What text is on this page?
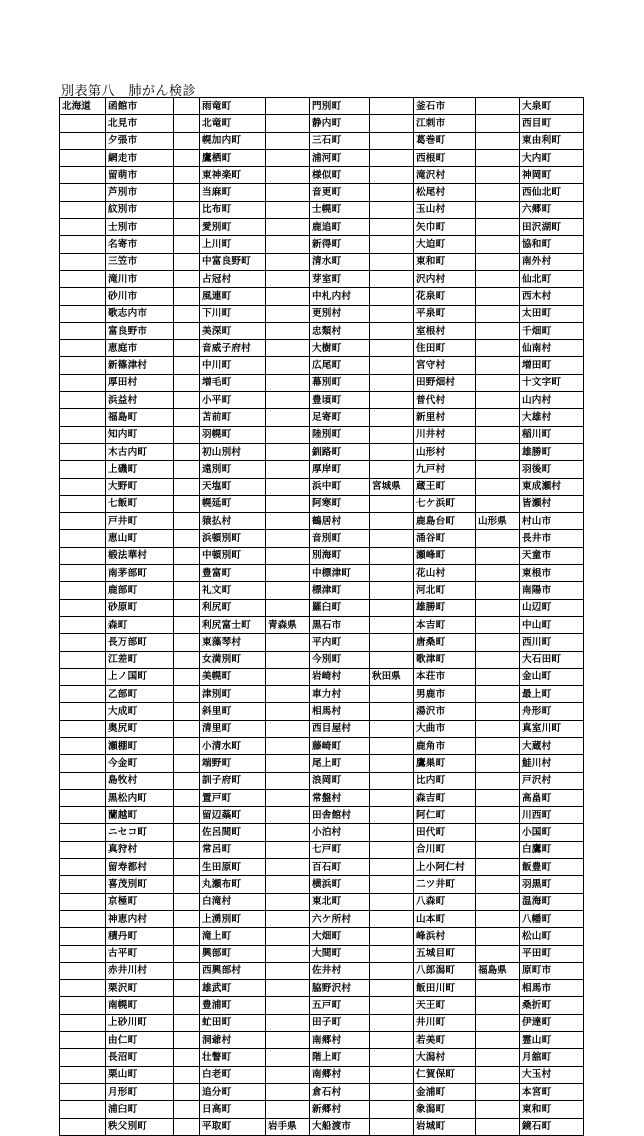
別表第八　肺がん検診
北海道	函館市		雨竜町		門別町		釜石市		大泉町
	北見市		北竜町		静内町		江刺市		西目町
	夕張市		幌加内町		三石町		葛巻町		東由利町
	網走市		鷹栖町		浦河町		西根町		大内町
	留萌市		東神楽町		様似町		滝沢村		神岡町
	芦別市		当麻町		音更町		松尾村		西仙北町
	紋別市		比布町		士幌町		玉山村		六郷町
	士別市		愛別町		鹿追町		矢巾町		田沢湖町
	名寄市		上川町		新得町		大迫町		協和町
	三笠市		中富良野町		清水町		東和町		南外村
	滝川市		占冠村		芽室町		沢内村		仙北町
	砂川市		風連町		中札内村		花泉町		西木村
	歌志内市		下川町		更別村		平泉町		太田町
	富良野市		美深町		忠類村		室根村		千畑町
	恵庭市		音威子府村		大樹町		住田町		仙南村
	新篠津村		中川町		広尾町		宮守村		増田町
	厚田村		増毛町		幕別町		田野畑村		十文字町
	浜益村		小平町		豊頃町		普代村		山内村
	福島町		苫前町		足寄町		新里村		大雄村
	知内町		羽幌町		陸別町		川井村		稲川町
	木古内町		初山別村		釧路町		山形村		雄勝町
	上磯町		遠別町		厚岸町		九戸村		羽後町
	大野町		天塩町		浜中町	宮城県	蔵王町		東成瀬村
	七飯町		幌延町		阿寒町		七ケ浜町		皆瀬村
	戸井町		猿払村		鶴居村		鹿島台町	山形県	村山市
	恵山町		浜頓別町		音別町		涌谷町		長井市
	椴法華村		中頓別町		別海町		瀬峰町		天童市
	南茅部町		豊富町		中標津町		花山村		東根市
	鹿部町		礼文町		標津町		河北町		南陽市
	砂原町		利尻町		羅臼町		雄勝町		山辺町
	森町		利尻富士町	青森県	黒石市		本吉町		中山町
	長万部町		東藻琴村		平内町		唐桑町		西川町
	江差町		女満別町		今別町		歌津町		大石田町
	上ノ国町		美幌町		岩崎村	秋田県	本荘市		金山町
	乙部町		津別町		車力村		男鹿市		最上町
	大成町		斜里町		相馬村		湯沢市		舟形町
	奥尻町		清里町		西目屋村		大曲市		真室川町
	瀬棚町		小清水町		藤崎町		鹿角市		大蔵村
	今金町		端野町		尾上町		鷹巣町		鮭川村
	島牧村		訓子府町		浪岡町		比内町		戸沢村
	黒松内町		置戸町		常盤村		森吉町		高畠町
	蘭越町		留辺蘂町		田舎館村		阿仁町		川西町
	ニセコ町		佐呂間町		小泊村		田代町		小国町
	真狩村		常呂町		七戸町		合川町		白鷹町
	留寿都村		生田原町		百石町		上小阿仁村		飯豊町
	喜茂別町		丸瀬布町		横浜町		二ツ井町		羽黒町
	京極町		白滝村		東北町		八森町		温海町
	神恵内村		上湧別町		六ケ所村		山本町		八幡町
	積丹町		滝上町		大畑町		峰浜村		松山町
	古平町		興部町		大間町		五城目町		平田町
	赤井川村		西興部村		佐井村		八郎潟町	福島県	原町市
	栗沢町		雄武町		脇野沢村		飯田川町		相馬市
	南幌町		豊浦町		五戸町		天王町		桑折町
	上砂川町		虻田町		田子町		井川町		伊達町
	由仁町		洞爺村		南郷村		若美町		霊山町
	長沼町		壮瞥町		階上町		大潟村		月舘町
	栗山町		白老町		南郷村		仁賀保町		大玉村
	月形町		追分町		倉石村		金浦町		本宮町
	浦臼町		日高町		新郷村		象潟町		東和町
	秩父別町		平取町	岩手県	大船渡市		岩城町		鏡石町
